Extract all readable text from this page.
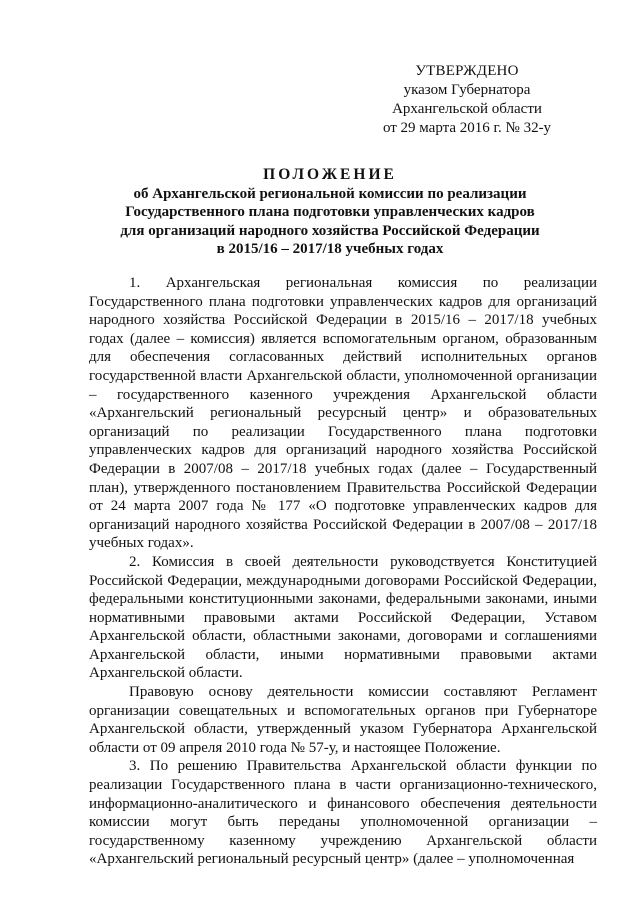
УТВЕРЖДЕНО
указом Губернатора
Архангельской области
от 29 марта 2016 г. № 32-у
ПОЛОЖЕНИЕ
об Архангельской региональной комиссии по реализации
Государственного плана подготовки управленческих кадров
для организаций народного хозяйства Российской Федерации
в 2015/16 – 2017/18 учебных годах

1. Архангельская региональная комиссия по реализации Государственного плана подготовки управленческих кадров для организаций народного хозяйства Российской Федерации в 2015/16 – 2017/18 учебных годах (далее – комиссия) является вспомогательным органом, образованным для обеспечения согласованных действий исполнительных органов государственной власти Архангельской области, уполномоченной организации – государственного казенного учреждения Архангельской области «Архангельский региональный ресурсный центр» и образовательных организаций по реализации Государственного плана подготовки управленческих кадров для организаций народного хозяйства Российской Федерации в 2007/08 – 2017/18 учебных годах (далее – Государственный план), утвержденного постановлением Правительства Российской Федерации от 24 марта 2007 года № 177 «О подготовке управленческих кадров для организаций народного хозяйства Российской Федерации в 2007/08 – 2017/18 учебных годах».

2. Комиссия в своей деятельности руководствуется Конституцией Российской Федерации, международными договорами Российской Федерации, федеральными конституционными законами, федеральными законами, иными нормативными правовыми актами Российской Федерации, Уставом Архангельской области, областными законами, договорами и соглашениями Архангельской области, иными нормативными правовыми актами Архангельской области.

Правовую основу деятельности комиссии составляют Регламент организации совещательных и вспомогательных органов при Губернаторе Архангельской области, утвержденный указом Губернатора Архангельской области от 09 апреля 2010 года № 57-у, и настоящее Положение.

3. По решению Правительства Архангельской области функции по реализации Государственного плана в части организационно-технического, информационно-аналитического и финансового обеспечения деятельности комиссии могут быть переданы уполномоченной организации – государственному казенному учреждению Архангельской области «Архангельский региональный ресурсный центр» (далее – уполномоченная
